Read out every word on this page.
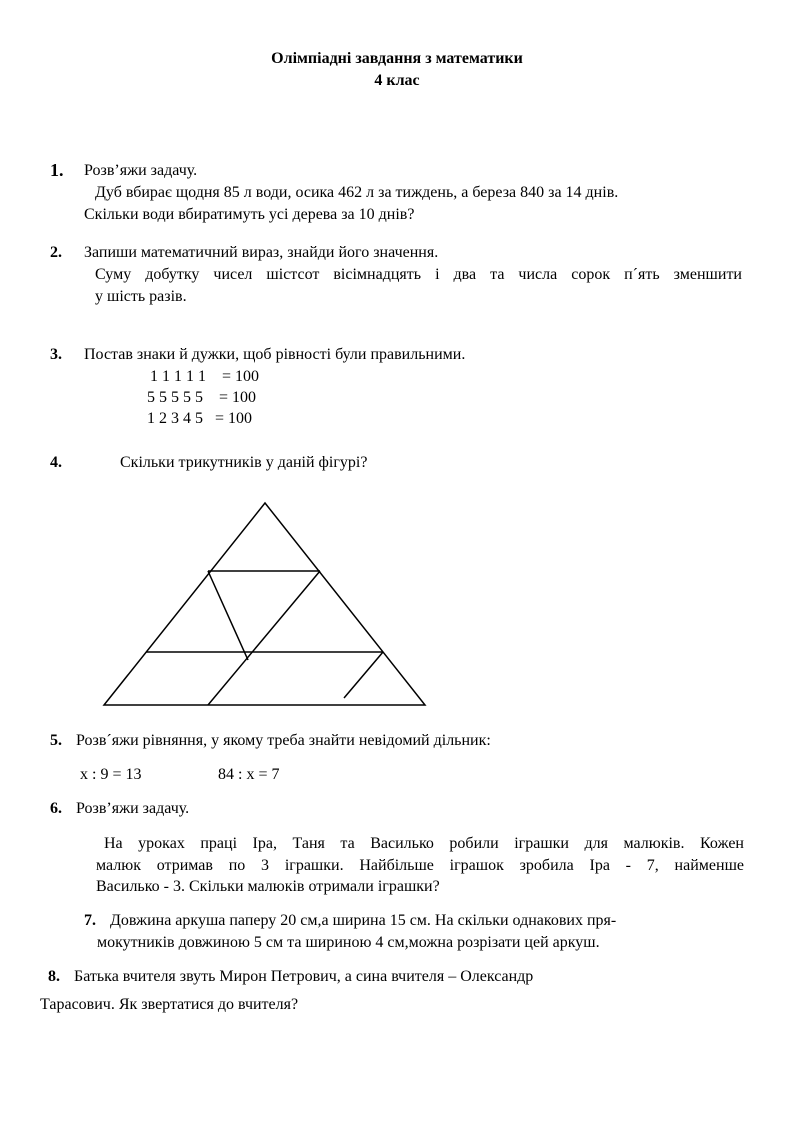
Олімпіадні завдання з математики
4 клас
1. Розв’яжи задачу.
Дуб вбирає щодня 85 л води, осика 462 л за тиждень, а береза 840 за 14 днів.
Скільки води вбиратимуть усі дерева за 10 днів?
2. Запиши математичний вираз, знайди його значення.
Суму добутку чисел шістсот вісімнадцять і два та числа сорок п´ять зменшити
у шість разів.
3. Постав знаки й дужки, щоб рівності були правильними.
1 1 1 1 1    = 100
5 5 5 5 5    = 100
1 2 3 4 5   = 100
4.	Скільки трикутників у даній фігурі?
5. Розв´яжи рівняння, у якому треба знайти невідомий дільник:
х : 9 = 13	84 : х = 7
6. Розв’яжи задачу.
На уроках праці Іра, Таня та Василько робили іграшки для малюків. Кожен
малюк отримав по 3 іграшки. Найбільше іграшок зробила Іра - 7, найменше
Василько - 3. Скільки малюків отримали іграшки?
7. Довжина аркуша паперу 20 см,а ширина 15 см. На скільки однакових пря-
мокутників довжиною 5 см та шириною 4 см,можна розрізати цей аркуш.
8. Батька вчителя звуть Мирон Петрович, а сина вчителя – Олександр
Тарасович. Як звертатися до вчителя?
